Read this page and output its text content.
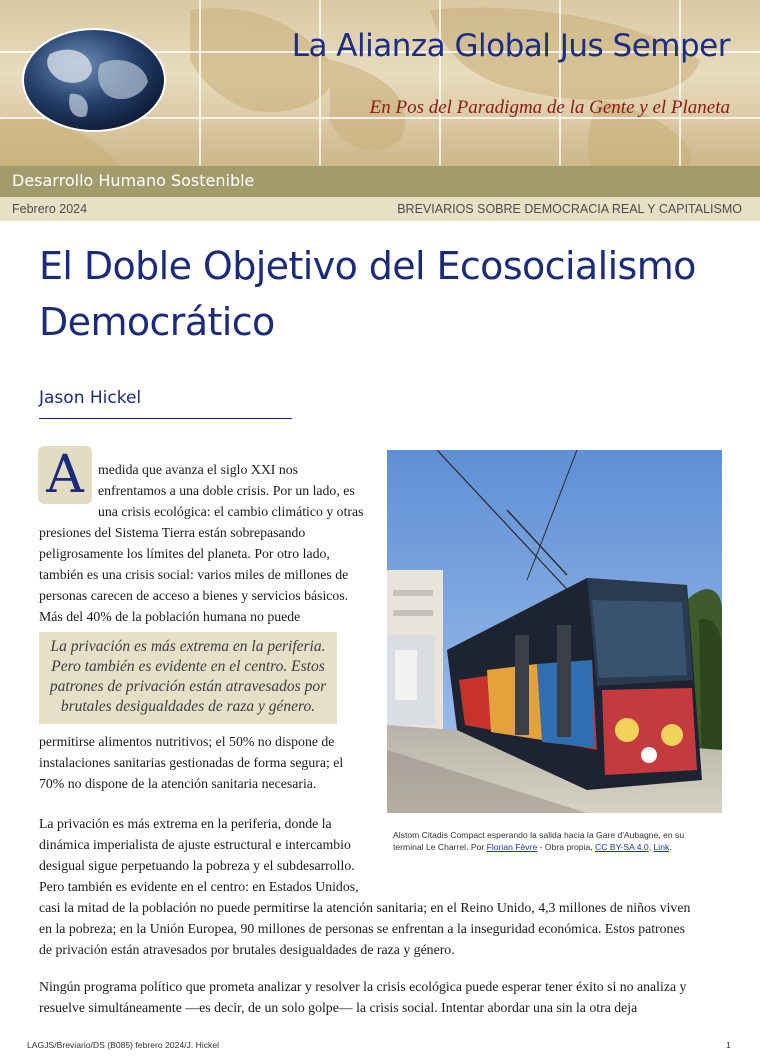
La Alianza Global Jus Semper
En Pos del Paradigma de la Gente y el Planeta
Desarrollo Humano Sostenible
Febrero 2024	BREVIARIOS SOBRE DEMOCRACIA REAL Y CAPITALISMO
El Doble Objetivo del Ecosocialismo
Democrático
Jason Hickel
A	medida que avanza el siglo XXI nos
enfrentamos a una doble crisis. Por un lado, es
una crisis ecológica: el cambio climático y otras

presiones del Sistema Tierra están sobrepasando
peligrosamente los límites del planeta. Por otro lado,
también es una crisis social: varios miles de millones de
personas carecen de acceso a bienes y servicios básicos.
Más del 40% de la población humana no puede

La privación es más extrema en la periferia.
Pero también es evidente en el centro. Estos
patrones de privación están atravesados por
brutales desigualdades de raza y género.

permitirse alimentos nutritivos; el 50% no dispone de
instalaciones sanitarias gestionadas de forma segura; el
70% no dispone de la atención sanitaria necesaria.

La privación es más extrema en la periferia, donde la
dinámica imperialista de ajuste estructural e intercambio
desigual sigue perpetuando la pobreza y el subdesarrollo.
Pero también es evidente en el centro: en Estados Unidos,

casi la mitad de la población no puede permitirse la atención sanitaria; en el Reino Unido, 4,3 millones de niños viven
en la pobreza; en la Unión Europea, 90 millones de personas se enfrentan a la inseguridad económica. Estos patrones
de privación están atravesados por brutales desigualdades de raza y género.

Ningún programa político que prometa analizar y resolver la crisis ecológica puede esperar tener éxito si no analiza y
resuelve simultáneamente —es decir, de un solo golpe— la crisis social. Intentar abordar una sin la otra deja

Alstom Citadis Compact esperando la salida hacia la Gare d'Aubagne, en su
terminal Le Charrel. Por Florian Fèvre - Obra propia, CC BY-SA 4.0, Link.
LAGJS/Breviario/DS (B085) febrero 2024/J. Hickel	1
